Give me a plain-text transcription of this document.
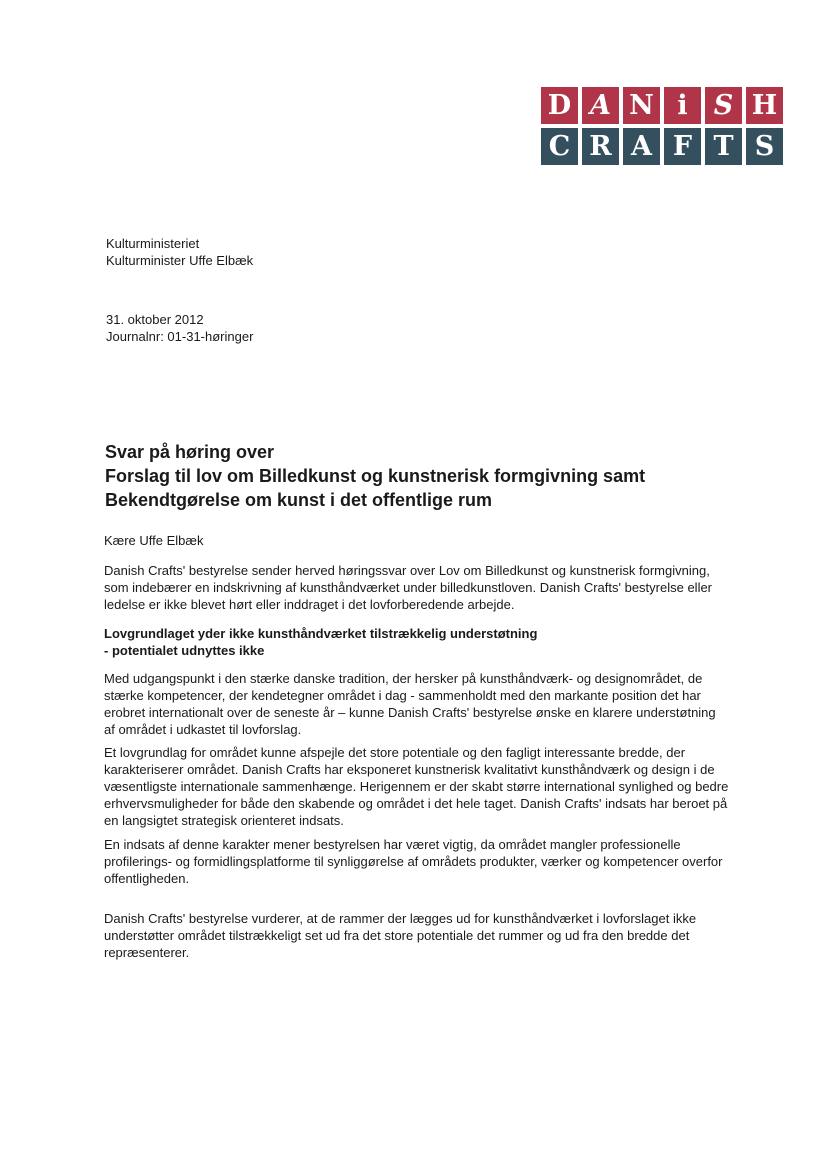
D A N i S H
C R A F T S

Kulturministeriet

Kulturminister Uffe Elbæk

31. oktober 2012

Journalnr: 01-31-høringer

Svar på høring over

Forslag til lov om Billedkunst og kunstnerisk formgivning samt

Bekendtgørelse om kunst i det offentlige rum

Kære Uffe Elbæk

Danish Crafts' bestyrelse sender herved høringssvar over Lov om Billedkunst og kunstnerisk formgivning,

som indebærer en indskrivning af kunsthåndværket under billedkunstloven. Danish Crafts' bestyrelse eller

ledelse er ikke blevet hørt eller inddraget i det lovforberedende arbejde.

Lovgrundlaget yder ikke kunsthåndværket tilstrækkelig understøtning

- potentialet udnyttes ikke

Med udgangspunkt i den stærke danske tradition, der hersker på kunsthåndværk- og designområdet, de

stærke kompetencer, der kendetegner området i dag - sammenholdt med den markante position det har

erobret internationalt over de seneste år – kunne Danish Crafts' bestyrelse ønske en klarere understøtning

af området i udkastet til lovforslag.

Et lovgrundlag for området kunne afspejle det store potentiale og den fagligt interessante bredde, der

karakteriserer området. Danish Crafts har eksponeret kunstnerisk kvalitativt kunsthåndværk og design i de

væsentligste internationale sammenhænge. Herigennem er der skabt større international synlighed og bedre

erhvervsmuligheder for både den skabende og området i det hele taget. Danish Crafts' indsats har beroet på

en langsigtet strategisk orienteret indsats.

En indsats af denne karakter mener bestyrelsen har været vigtig, da området mangler professionelle

profilerings- og formidlingsplatforme til synliggørelse af områdets produkter, værker og kompetencer overfor

offentligheden.

Danish Crafts' bestyrelse vurderer, at de rammer der lægges ud for kunsthåndværket i lovforslaget ikke

understøtter området tilstrækkeligt set ud fra det store potentiale det rummer og ud fra den bredde det

repræsenterer.
